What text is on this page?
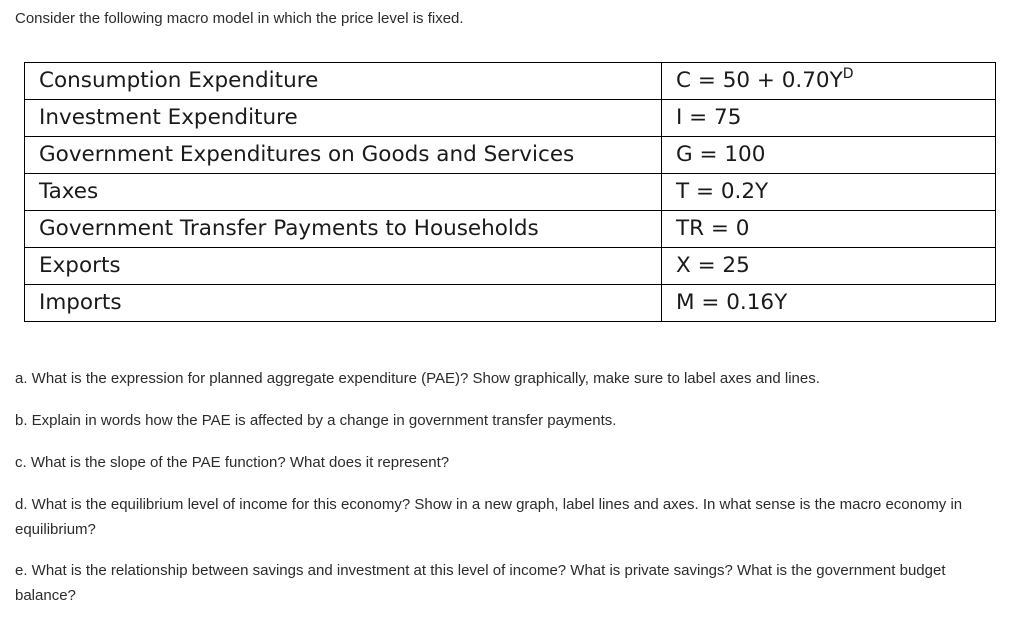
Consider the following macro model in which the price level is fixed.

Consumption Expenditure	$C = 50 + 0.70Y^D$
Investment Expenditure	I = 75
Government Expenditures on Goods and Services	G = 100
Taxes	T = 0.2Y
Government Transfer Payments to Households	TR = 0
Exports	X = 25
Imports	M = 0.16Y

a. What is the expression for planned aggregate expenditure (PAE)? Show graphically, make sure to label axes and lines.

b. Explain in words how the PAE is affected by a change in government transfer payments.

c. What is the slope of the PAE function? What does it represent?

d. What is the equilibrium level of income for this economy? Show in a new graph, label lines and axes. In what sense is the macro economy in equilibrium?

e. What is the relationship between savings and investment at this level of income? What is private savings? What is the government budget balance?
